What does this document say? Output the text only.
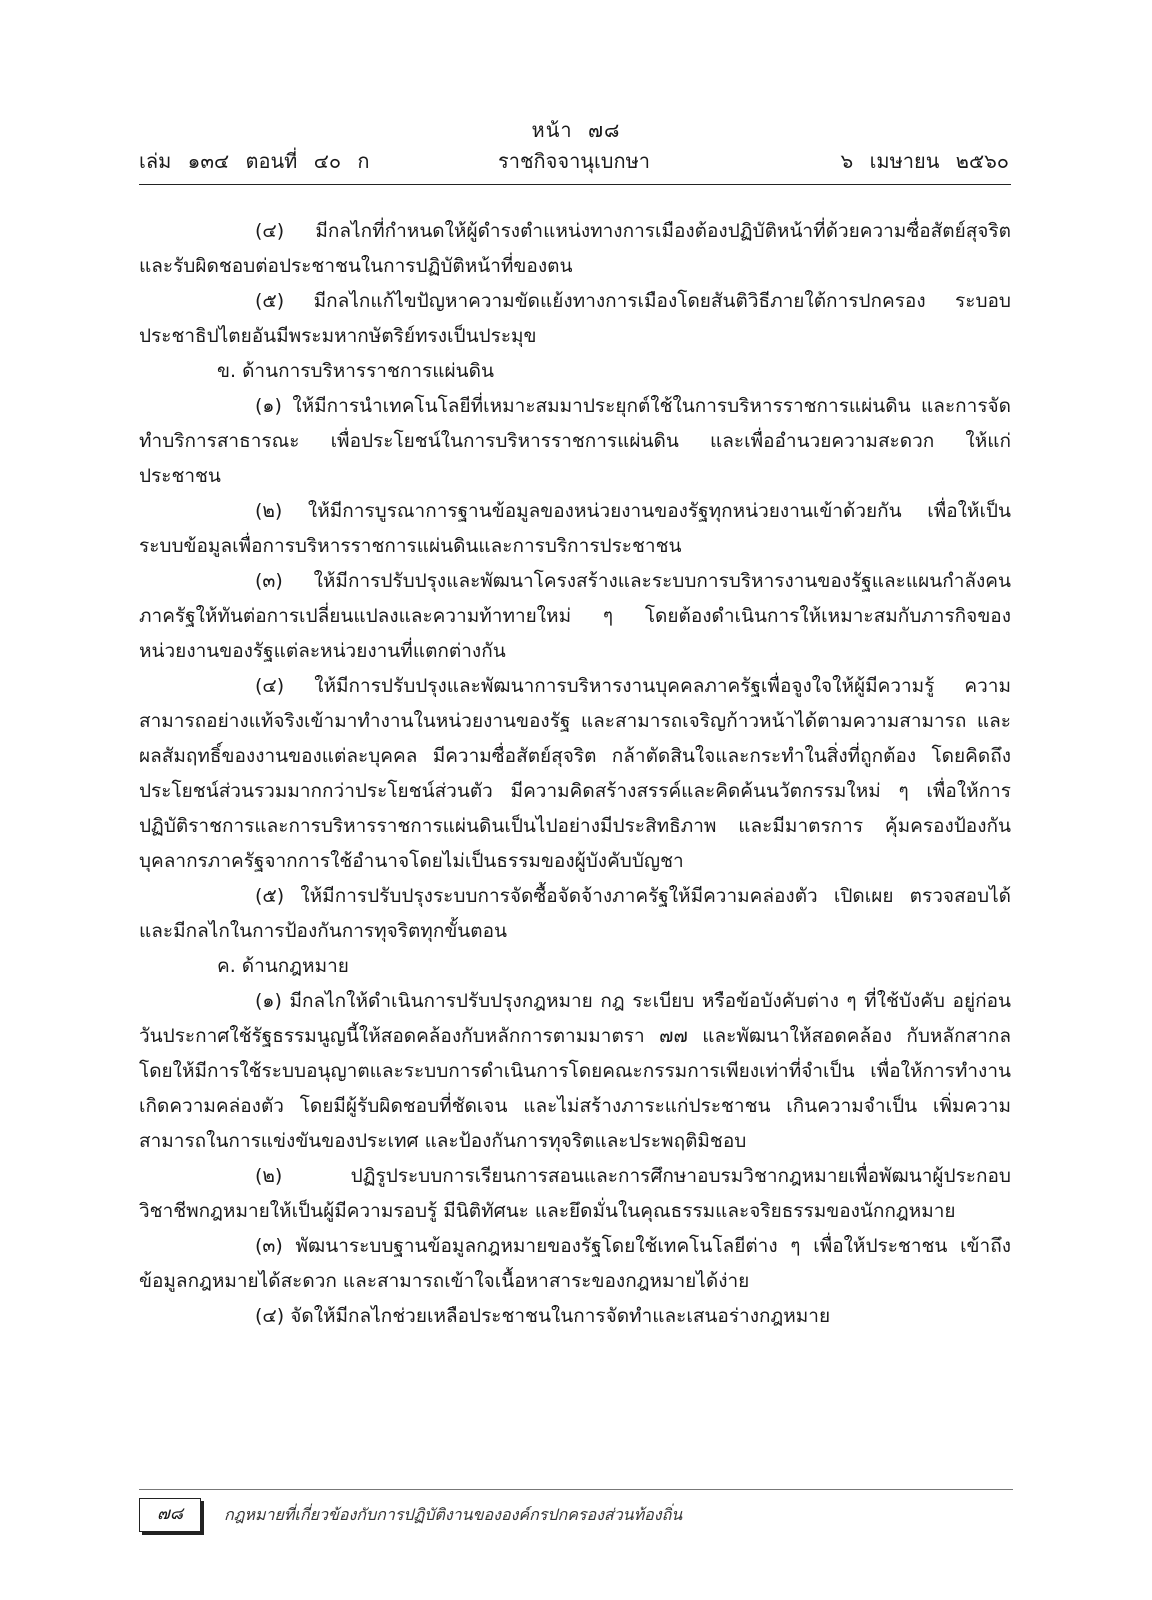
หน้า ๗๘
ราชกิจจานุเบกษา
เล่ม ๑๓๔ ตอนที่ ๔๐ ก	๖ เมษายน ๒๕๖๐

(๔) มีกลไกที่กำหนดให้ผู้ดำรงตำแหน่งทางการเมืองต้องปฏิบัติหน้าที่ด้วยความซื่อสัตย์สุจริต และรับผิดชอบต่อประชาชนในการปฏิบัติหน้าที่ของตน

(๕) มีกลไกแก้ไขปัญหาความขัดแย้งทางการเมืองโดยสันติวิธีภายใต้การปกครอง ระบอบประชาธิปไตยอันมีพระมหากษัตริย์ทรงเป็นประมุข

ข. ด้านการบริหารราชการแผ่นดิน

(๑) ให้มีการนำเทคโนโลยีที่เหมาะสมมาประยุกต์ใช้ในการบริหารราชการแผ่นดิน และการจัดทำบริการสาธารณะ เพื่อประโยชน์ในการบริหารราชการแผ่นดิน และเพื่ออำนวยความสะดวก ให้แก่ประชาชน

(๒) ให้มีการบูรณาการฐานข้อมูลของหน่วยงานของรัฐทุกหน่วยงานเข้าด้วยกัน เพื่อให้เป็น ระบบข้อมูลเพื่อการบริหารราชการแผ่นดินและการบริการประชาชน

(๓) ให้มีการปรับปรุงและพัฒนาโครงสร้างและระบบการบริหารงานของรัฐและแผนกำลังคน ภาครัฐให้ทันต่อการเปลี่ยนแปลงและความท้าทายใหม่ ๆ โดยต้องดำเนินการให้เหมาะสมกับภารกิจของ หน่วยงานของรัฐแต่ละหน่วยงานที่แตกต่างกัน

(๔) ให้มีการปรับปรุงและพัฒนาการบริหารงานบุคคลภาครัฐเพื่อจูงใจให้ผู้มีความรู้ ความสามารถอย่างแท้จริงเข้ามาทำงานในหน่วยงานของรัฐ และสามารถเจริญก้าวหน้าได้ตามความสามารถ และผลสัมฤทธิ์ของงานของแต่ละบุคคล มีความซื่อสัตย์สุจริต กล้าตัดสินใจและกระทำในสิ่งที่ถูกต้อง โดยคิดถึงประโยชน์ส่วนรวมมากกว่าประโยชน์ส่วนตัว มีความคิดสร้างสรรค์และคิดค้นนวัตกรรมใหม่ ๆ เพื่อให้การปฏิบัติราชการและการบริหารราชการแผ่นดินเป็นไปอย่างมีประสิทธิภาพ และมีมาตรการ คุ้มครองป้องกันบุคลากรภาครัฐจากการใช้อำนาจโดยไม่เป็นธรรมของผู้บังคับบัญชา

(๕) ให้มีการปรับปรุงระบบการจัดซื้อจัดจ้างภาครัฐให้มีความคล่องตัว เปิดเผย ตรวจสอบได้ และมีกลไกในการป้องกันการทุจริตทุกขั้นตอน

ค. ด้านกฎหมาย

(๑) มีกลไกให้ดำเนินการปรับปรุงกฎหมาย กฎ ระเบียบ หรือข้อบังคับต่าง ๆ ที่ใช้บังคับ อยู่ก่อนวันประกาศใช้รัฐธรรมนูญนี้ให้สอดคล้องกับหลักการตามมาตรา ๗๗ และพัฒนาให้สอดคล้อง กับหลักสากล โดยให้มีการใช้ระบบอนุญาตและระบบการดำเนินการโดยคณะกรรมการเพียงเท่าที่จำเป็น เพื่อให้การทำงานเกิดความคล่องตัว โดยมีผู้รับผิดชอบที่ชัดเจน และไม่สร้างภาระแก่ประชาชน เกินความจำเป็น เพิ่มความสามารถในการแข่งขันของประเทศ และป้องกันการทุจริตและประพฤติมิชอบ

(๒) ปฏิรูประบบการเรียนการสอนและการศึกษาอบรมวิชากฎหมายเพื่อพัฒนาผู้ประกอบ วิชาชีพกฎหมายให้เป็นผู้มีความรอบรู้ มีนิติทัศนะ และยึดมั่นในคุณธรรมและจริยธรรมของนักกฎหมาย

(๓) พัฒนาระบบฐานข้อมูลกฎหมายของรัฐโดยใช้เทคโนโลยีต่าง ๆ เพื่อให้ประชาชน เข้าถึงข้อมูลกฎหมายได้สะดวก และสามารถเข้าใจเนื้อหาสาระของกฎหมายได้ง่าย

(๔) จัดให้มีกลไกช่วยเหลือประชาชนในการจัดทำและเสนอร่างกฎหมาย

๗๘	กฎหมายที่เกี่ยวข้องกับการปฏิบัติงานขององค์กรปกครองส่วนท้องถิ่น
